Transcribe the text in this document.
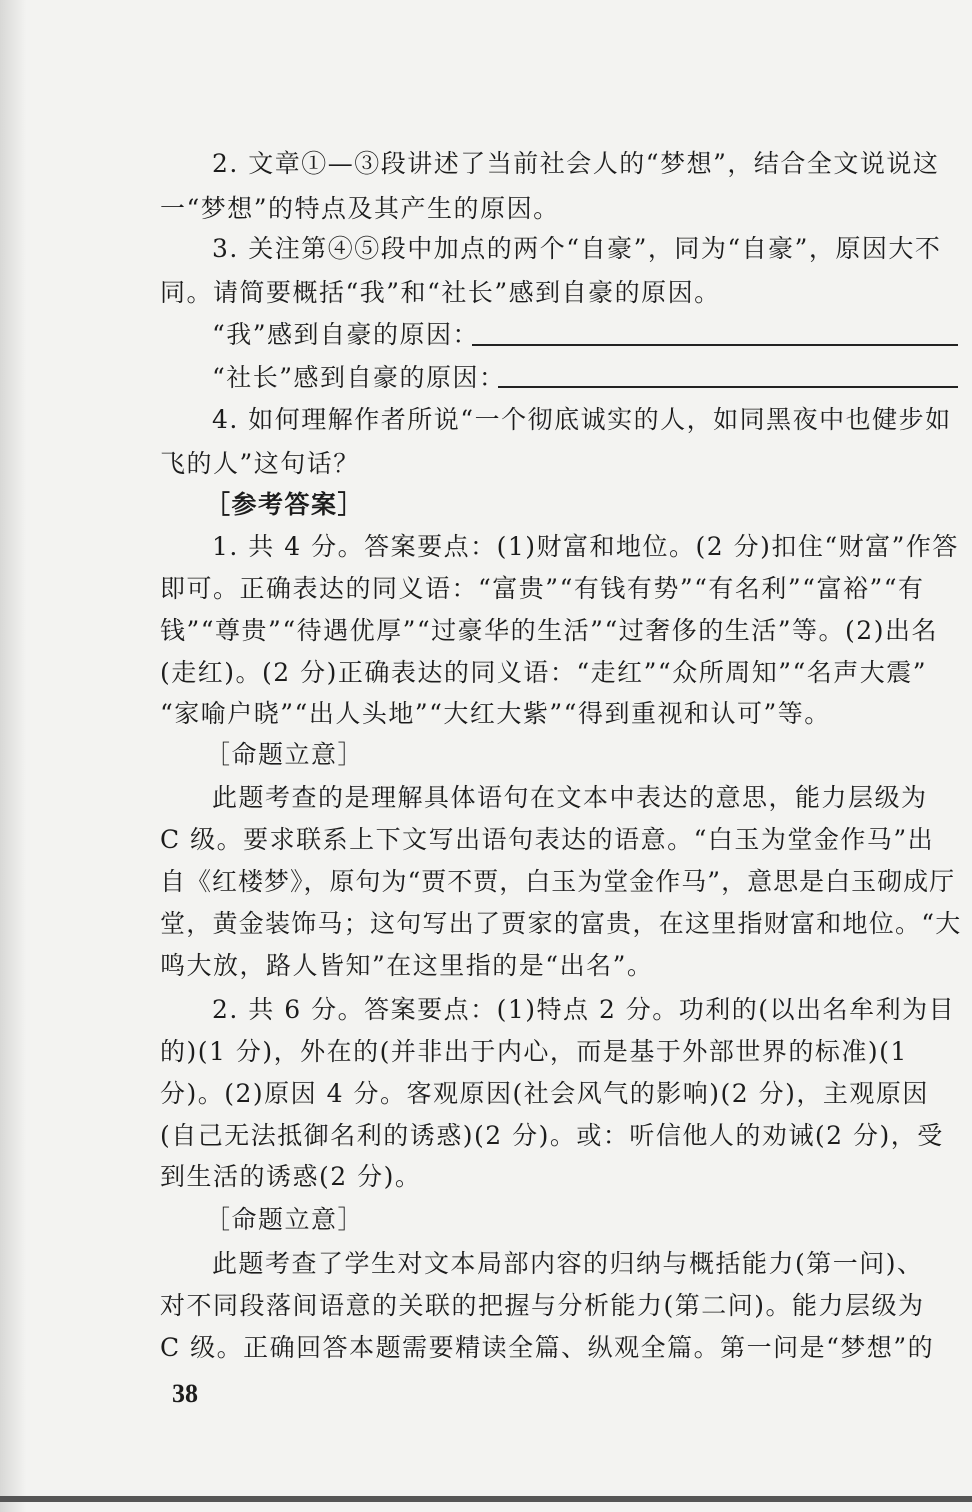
2. 文章①—③段讲述了当前社会人的“梦想”，结合全文说说这
一“梦想”的特点及其产生的原因。
3. 关注第④⑤段中加点的两个“自豪”，同为“自豪”，原因大不
同。请简要概括“我”和“社长”感到自豪的原因。
“我”感到自豪的原因：
“社长”感到自豪的原因：
4. 如何理解作者所说“一个彻底诚实的人，如同黑夜中也健步如
飞的人”这句话？
［参考答案］
1. 共 4 分。答案要点：(1)财富和地位。(2 分)扣住“财富”作答
即可。正确表达的同义语：“富贵”“有钱有势”“有名利”“富裕”“有
钱”“尊贵”“待遇优厚”“过豪华的生活”“过奢侈的生活”等。(2)出名
(走红)。(2 分)正确表达的同义语：“走红”“众所周知”“名声大震”
“家喻户晓”“出人头地”“大红大紫”“得到重视和认可”等。
［命题立意］
此题考查的是理解具体语句在文本中表达的意思，能力层级为
C 级。要求联系上下文写出语句表达的语意。“白玉为堂金作马”出
自《红楼梦》，原句为“贾不贾，白玉为堂金作马”，意思是白玉砌成厅
堂，黄金装饰马；这句写出了贾家的富贵，在这里指财富和地位。“大
鸣大放，路人皆知”在这里指的是“出名”。
2. 共 6 分。答案要点：(1)特点 2 分。功利的(以出名牟利为目
的)(1 分)，外在的(并非出于内心，而是基于外部世界的标准)(1
分)。(2)原因 4 分。客观原因(社会风气的影响)(2 分)，主观原因
(自己无法抵御名利的诱惑)(2 分)。或：听信他人的劝诫(2 分)，受
到生活的诱惑(2 分)。
［命题立意］
此题考查了学生对文本局部内容的归纳与概括能力(第一问)、
对不同段落间语意的关联的把握与分析能力(第二问)。能力层级为
C 级。正确回答本题需要精读全篇、纵观全篇。第一问是“梦想”的
38
